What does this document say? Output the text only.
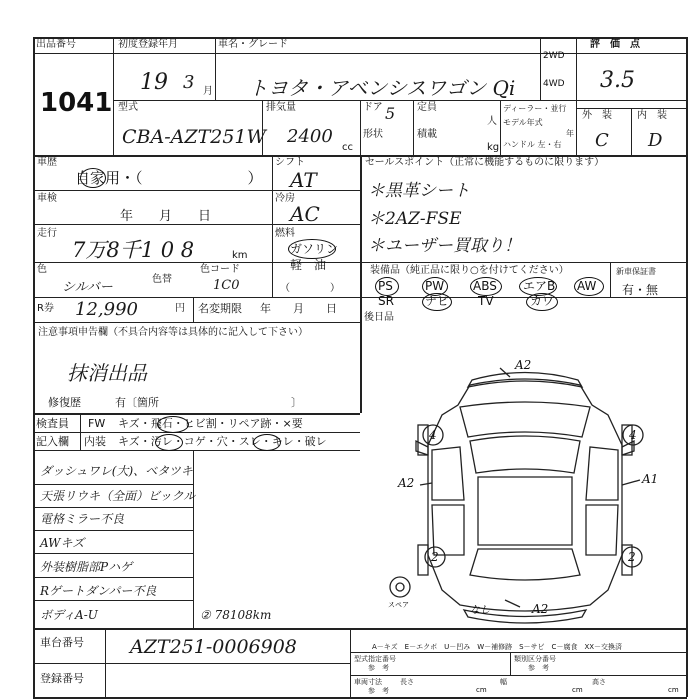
出品番号
1041
初度登録年月
19 3 月
車名・グレード
トヨタ・アベンシスワゴン Qi
2WD
4WD
評　価　点
3.5
型式
CBA-AZT251W
排気量
2400
cc
ドア 5
形状
定員
人
積載
kg
ディーラー・並行
モデル年式
年
ハンドル 左・右
外　装	内　装
C D
車歴
自家用・（　　　　　　　）
シフト
AT
車検
年　　月　　日
冷房
AC
走行
7万8千1 0 8	km
燃料
ガソリン　軽　油
（　　　　）
色
シルバー
色替
色コード
1C0
セールスポイント（正常に機能するものに限ります）
＊黒革シート
＊2AZ-FSE
＊ユーザー買取り！
装備品（純正品に限り○を付けてください）
PS	PW ABS エアB AW
SR	ナビ TV	カワ
新車保証書
有・無
R券 12,990	円 名変期限 年　　月　　日
後日品
注意事項申告欄（不具合内容等は具体的に記入して下さい）
抹消出品
修復歴	有〔箇所　　　　　　　　　　　　〕
検査員
記入欄
FW キズ・飛石・ヒビ割・リペア跡・×要
内装 キズ・汚レ・コゲ・穴・スレ・キレ・破レ
ダッシュワレ(大)、ベタツキ
天張リウキ（全面）ビックル
電格ミラー不良
AWキズ
外装樹脂部Pハゲ
Rゲートダンパー不良
ボディA-U	② 78108km
A2
A2	A1
4	4
2	2
A2
スペア	なし
A－キズ　E－エクボ　U－凹み　W－補修跡　S－サビ　C－腐食　XX－交換済
車台番号 AZT251-0006908
登録番号
型式指定番号
参　考
類別区分番号
参　考
車両寸法
参　考
長さ
cm
幅
cm
高さ
cm
